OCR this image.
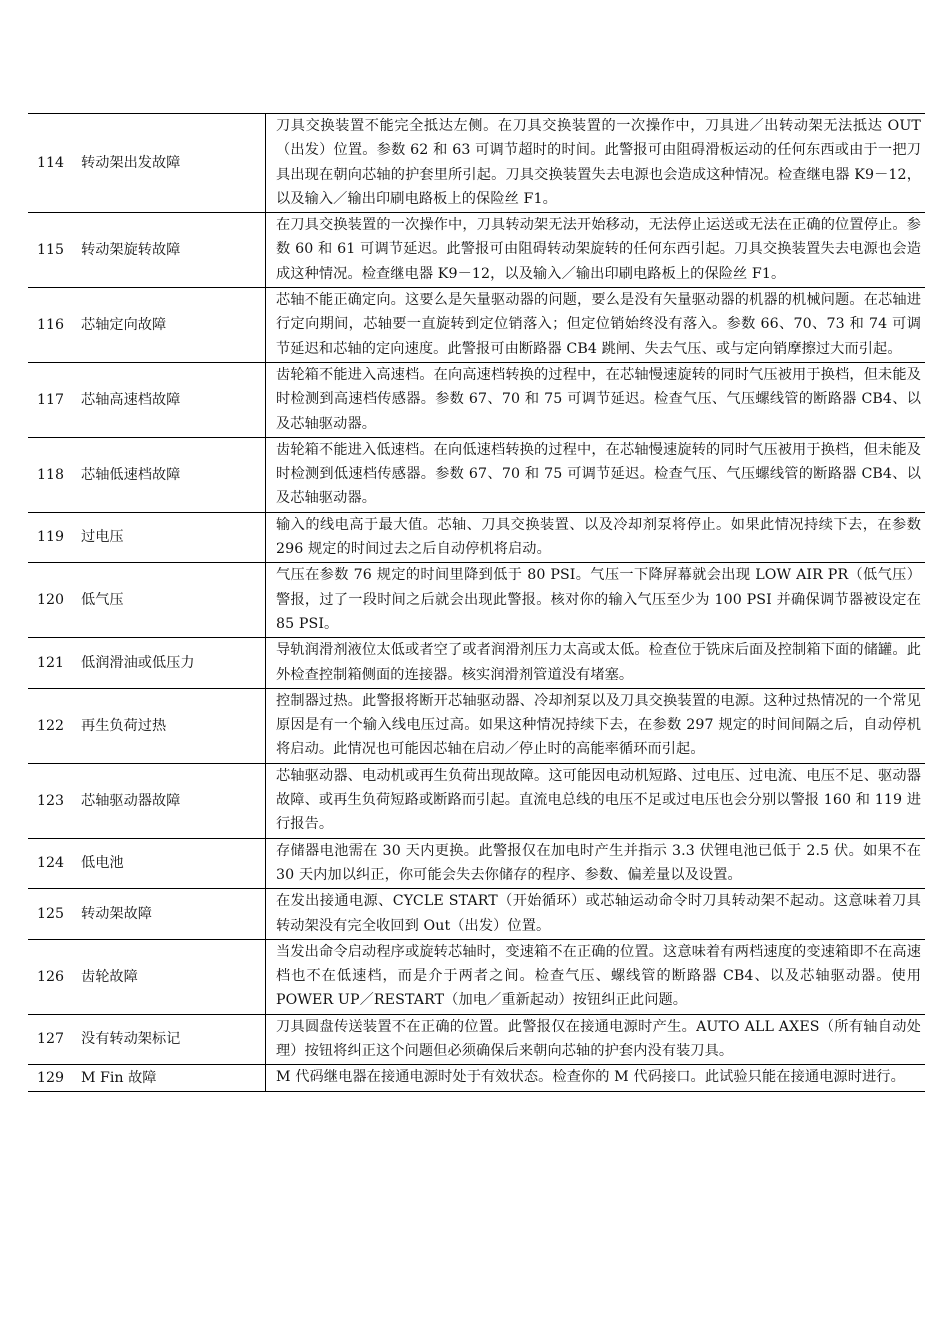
114 转动架出发故障	刀具交换装置不能完全抵达左侧。在刀具交换装置的一次操作中，刀具进／出转动架无法抵达 OUT（出发）位置。参数 62 和 63 可调节超时的时间。此警报可由阻碍滑板运动的任何东西或由于一把刀具出现在朝向芯轴的护套里所引起。刀具交换装置失去电源也会造成这种情况。检查继电器 K9－12，以及输入／输出印刷电路板上的保险丝 F1。
115 转动架旋转故障	在刀具交换装置的一次操作中，刀具转动架无法开始移动，无法停止运送或无法在正确的位置停止。参数 60 和 61 可调节延迟。此警报可由阻碍转动架旋转的任何东西引起。刀具交换装置失去电源也会造成这种情况。检查继电器 K9－12，以及输入／输出印刷电路板上的保险丝 F1。
116 芯轴定向故障	芯轴不能正确定向。这要么是矢量驱动器的问题，要么是没有矢量驱动器的机器的机械问题。在芯轴进行定向期间，芯轴要一直旋转到定位销落入；但定位销始终没有落入。参数 66、70、73 和 74 可调节延迟和芯轴的定向速度。此警报可由断路器 CB4 跳闸、失去气压、或与定向销摩擦过大而引起。
117 芯轴高速档故障	齿轮箱不能进入高速档。在向高速档转换的过程中，在芯轴慢速旋转的同时气压被用于换档，但未能及时检测到高速档传感器。参数 67、70 和 75 可调节延迟。检查气压、气压螺线管的断路器 CB4、以及芯轴驱动器。
118 芯轴低速档故障	齿轮箱不能进入低速档。在向低速档转换的过程中，在芯轴慢速旋转的同时气压被用于换档，但未能及时检测到低速档传感器。参数 67、70 和 75 可调节延迟。检查气压、气压螺线管的断路器 CB4、以及芯轴驱动器。
119 过电压	输入的线电高于最大值。芯轴、刀具交换装置、以及冷却剂泵将停止。如果此情况持续下去，在参数 296 规定的时间过去之后自动停机将启动。
120 低气压	气压在参数 76 规定的时间里降到低于 80 PSI。气压一下降屏幕就会出现 LOW AIR PR（低气压）警报，过了一段时间之后就会出现此警报。核对你的输入气压至少为 100 PSI 并确保调节器被设定在 85 PSI。
121 低润滑油或低压力	导轨润滑剂液位太低或者空了或者润滑剂压力太高或太低。检查位于铣床后面及控制箱下面的储罐。此外检查控制箱侧面的连接器。核实润滑剂管道没有堵塞。
122 再生负荷过热	控制器过热。此警报将断开芯轴驱动器、冷却剂泵以及刀具交换装置的电源。这种过热情况的一个常见原因是有一个输入线电压过高。如果这种情况持续下去，在参数 297 规定的时间间隔之后，自动停机将启动。此情况也可能因芯轴在启动／停止时的高能率循环而引起。
123 芯轴驱动器故障	芯轴驱动器、电动机或再生负荷出现故障。这可能因电动机短路、过电压、过电流、电压不足、驱动器故障、或再生负荷短路或断路而引起。直流电总线的电压不足或过电压也会分别以警报 160 和 119 进行报告。
124 低电池	存储器电池需在 30 天内更换。此警报仅在加电时产生并指示 3.3 伏锂电池已低于 2.5 伏。如果不在 30 天内加以纠正，你可能会失去你储存的程序、参数、偏差量以及设置。
125 转动架故障	在发出接通电源、CYCLE START（开始循环）或芯轴运动命令时刀具转动架不起动。这意味着刀具转动架没有完全收回到 Out（出发）位置。
126 齿轮故障	当发出命令启动程序或旋转芯轴时，变速箱不在正确的位置。这意味着有两档速度的变速箱即不在高速档也不在低速档，而是介于两者之间。检查气压、螺线管的断路器 CB4、以及芯轴驱动器。使用 POWER UP／RESTART（加电／重新起动）按钮纠正此问题。
127 没有转动架标记	刀具圆盘传送装置不在正确的位置。此警报仅在接通电源时产生。AUTO ALL AXES（所有轴自动处理）按钮将纠正这个问题但必须确保后来朝向芯轴的护套内没有装刀具。
129 M Fin 故障	M 代码继电器在接通电源时处于有效状态。检查你的 M 代码接口。此试验只能在接通电源时进行。
